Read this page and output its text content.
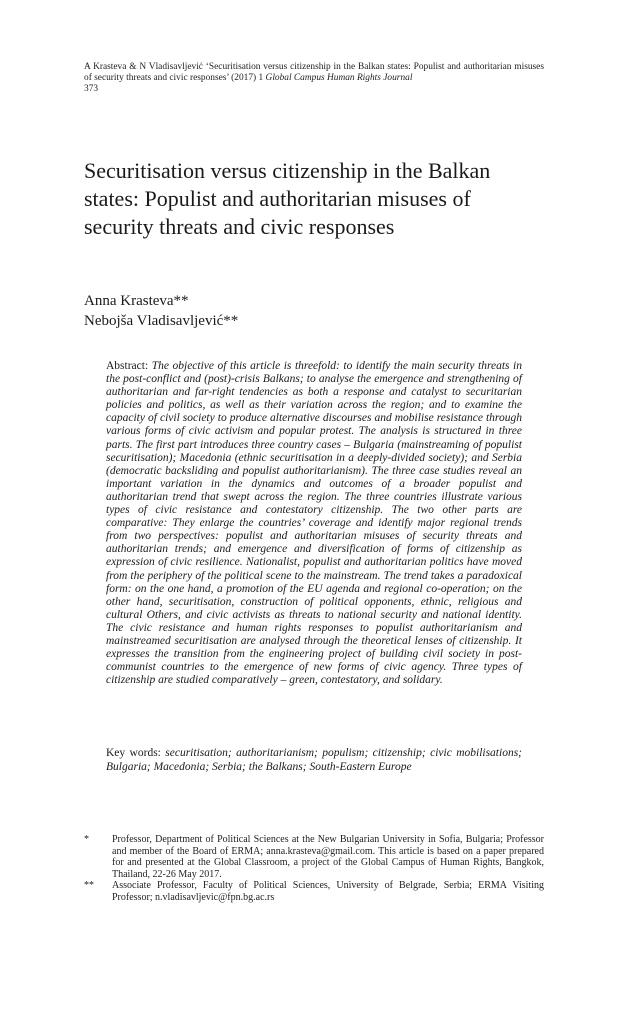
A Krasteva & N Vladisavljević ‘Securitisation versus citizenship in the Balkan states: Populist and authoritarian misuses of security threats and civic responses’ (2017) 1 Global Campus Human Rights Journal
373
Securitisation versus citizenship in the Balkan states: Populist and authoritarian misuses of security threats and civic responses
Anna Krasteva**
Nebojša Vladisavljević**
Abstract: The objective of this article is threefold: to identify the main security threats in the post-conflict and (post)-crisis Balkans; to analyse the emergence and strengthening of authoritarian and far-right tendencies as both a response and catalyst to securitarian policies and politics, as well as their variation across the region; and to examine the capacity of civil society to produce alternative discourses and mobilise resistance through various forms of civic activism and popular protest. The analysis is structured in three parts. The first part introduces three country cases – Bulgaria (mainstreaming of populist securitisation); Macedonia (ethnic securitisation in a deeply-divided society); and Serbia (democratic backsliding and populist authoritarianism). The three case studies reveal an important variation in the dynamics and outcomes of a broader populist and authoritarian trend that swept across the region. The three countries illustrate various types of civic resistance and contestatory citizenship. The two other parts are comparative: They enlarge the countries’ coverage and identify major regional trends from two perspectives: populist and authoritarian misuses of security threats and authoritarian trends; and emergence and diversification of forms of citizenship as expression of civic resilience. Nationalist, populist and authoritarian politics have moved from the periphery of the political scene to the mainstream. The trend takes a paradoxical form: on the one hand, a promotion of the EU agenda and regional co-operation; on the other hand, securitisation, construction of political opponents, ethnic, religious and cultural Others, and civic activists as threats to national security and national identity. The civic resistance and human rights responses to populist authoritarianism and mainstreamed securitisation are analysed through the theoretical lenses of citizenship. It expresses the transition from the engineering project of building civil society in post-communist countries to the emergence of new forms of civic agency. Three types of citizenship are studied comparatively – green, contestatory, and solidary.
Key words: securitisation; authoritarianism; populism; citizenship; civic mobilisations; Bulgaria; Macedonia; Serbia; the Balkans; South-Eastern Europe
*	Professor, Department of Political Sciences at the New Bulgarian University in Sofia, Bulgaria; Professor and member of the Board of ERMA; anna.krasteva@gmail.com. This article is based on a paper prepared for and presented at the Global Classroom, a project of the Global Campus of Human Rights, Bangkok, Thailand, 22-26 May 2017.
**	Associate Professor, Faculty of Political Sciences, University of Belgrade, Serbia; ERMA Visiting Professor; n.vladisavljevic@fpn.bg.ac.rs
